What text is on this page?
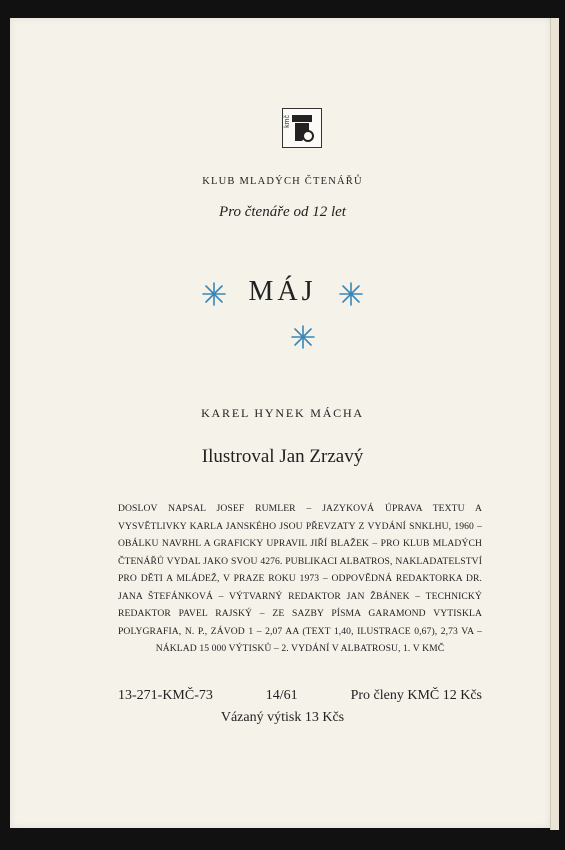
kmč
KLUB MLADÝCH ČTENÁŘŮ
Pro čtenáře od 12 let
MÁJ
KAREL HYNEK MÁCHA
Ilustroval Jan Zrzavý
DOSLOV NAPSAL JOSEF RUMLER – JAZYKOVÁ ÚPRAVA TEXTU A VYSVĚTLIVKY KARLA JANSKÉHO JSOU PŘEVZATY Z VYDÁNÍ SNKLHU, 1960 – OBÁLKU NAVRHL A GRAFICKY UPRAVIL JIŘÍ BLAŽEK – PRO KLUB MLADÝCH ČTENÁŘŮ VYDAL JAKO SVOU 4276. PUBLIKACI ALBATROS, NAKLADATELSTVÍ PRO DĚTI A MLÁDEŽ, V PRAZE ROKU 1973 – ODPOVĚDNÁ REDAKTORKA DR. JANA ŠTEFÁNKOVÁ – VÝTVARNÝ REDAKTOR JAN ŽBÁNEK – TECHNICKÝ REDAKTOR PAVEL RAJSKÝ – ZE SAZBY PÍSMA GARAMOND VYTISKLA POLYGRAFIA, N. P., ZÁVOD 1 – 2,07 AA (TEXT 1,40, ILUSTRACE 0,67), 2,73 VA – NÁKLAD 15 000 VÝTISKŮ – 2. VYDÁNÍ V ALBATROSU, 1. V KMČ
13-271-KMČ-73	14/61	Pro členy KMČ 12 Kčs
Vázaný výtisk 13 Kčs
